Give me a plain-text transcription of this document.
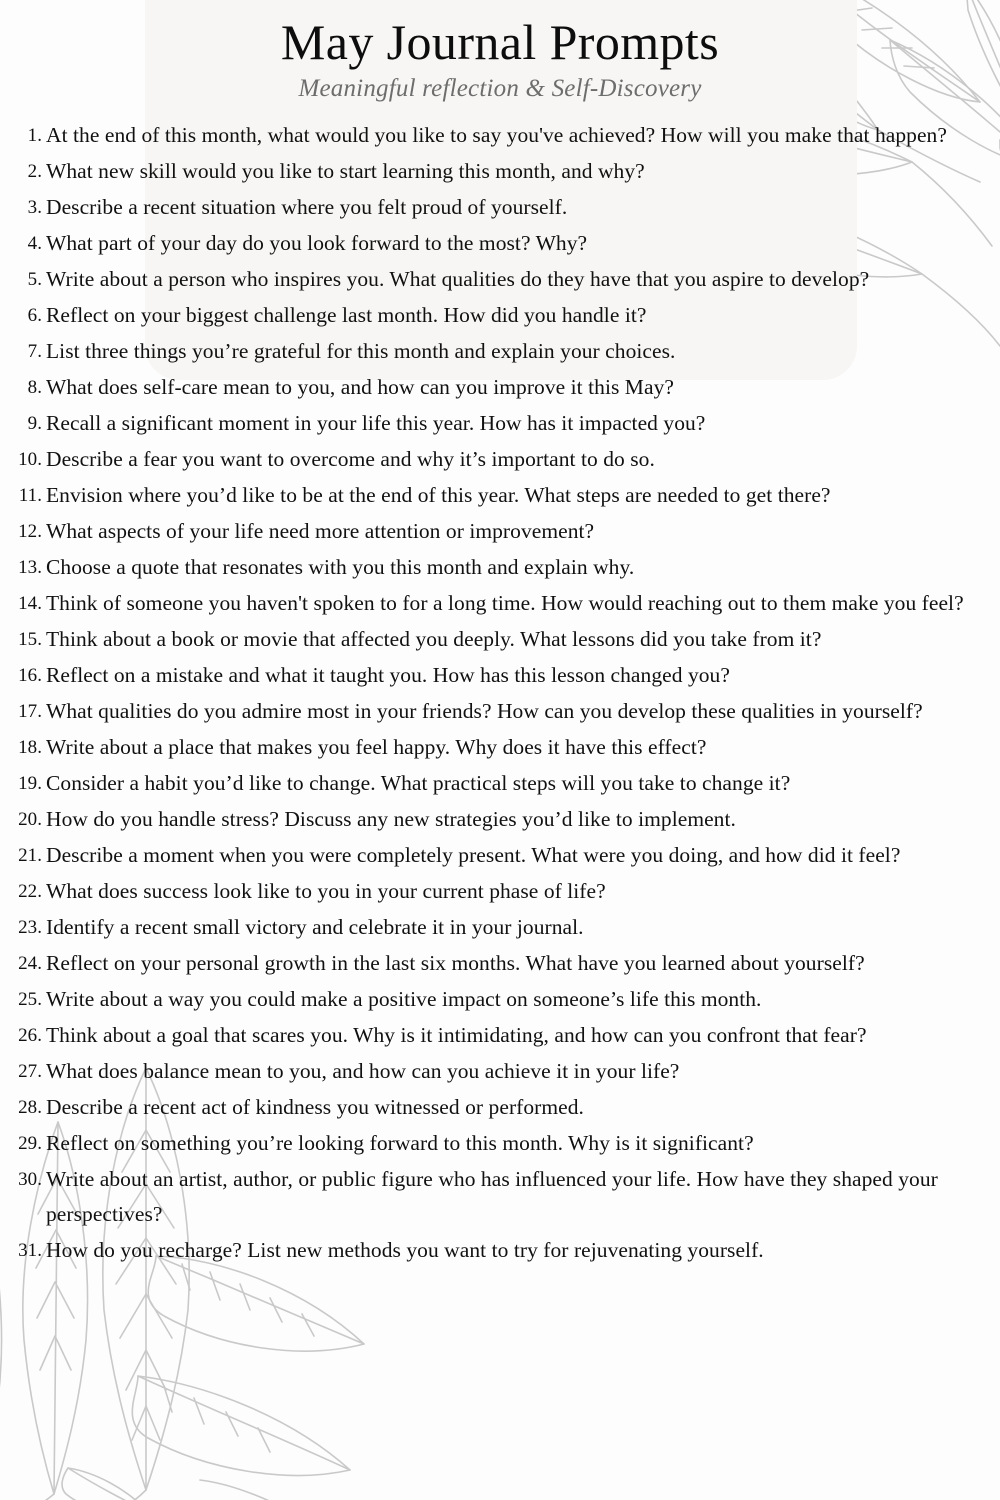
May Journal Prompts

Meaningful reflection & Self-Discovery

1. At the end of this month, what would you like to say you've achieved? How will you make that happen?
2. What new skill would you like to start learning this month, and why?
3. Describe a recent situation where you felt proud of yourself.
4. What part of your day do you look forward to the most? Why?
5. Write about a person who inspires you. What qualities do they have that you aspire to develop?
6. Reflect on your biggest challenge last month. How did you handle it?
7. List three things you’re grateful for this month and explain your choices.
8. What does self-care mean to you, and how can you improve it this May?
9. Recall a significant moment in your life this year. How has it impacted you?
10. Describe a fear you want to overcome and why it’s important to do so.
11. Envision where you’d like to be at the end of this year. What steps are needed to get there?
12. What aspects of your life need more attention or improvement?
13. Choose a quote that resonates with you this month and explain why.
14. Think of someone you haven't spoken to for a long time. How would reaching out to them make you feel?
15. Think about a book or movie that affected you deeply. What lessons did you take from it?
16. Reflect on a mistake and what it taught you. How has this lesson changed you?
17. What qualities do you admire most in your friends? How can you develop these qualities in yourself?
18. Write about a place that makes you feel happy. Why does it have this effect?
19. Consider a habit you’d like to change. What practical steps will you take to change it?
20. How do you handle stress? Discuss any new strategies you’d like to implement.
21. Describe a moment when you were completely present. What were you doing, and how did it feel?
22. What does success look like to you in your current phase of life?
23. Identify a recent small victory and celebrate it in your journal.
24. Reflect on your personal growth in the last six months. What have you learned about yourself?
25. Write about a way you could make a positive impact on someone’s life this month.
26. Think about a goal that scares you. Why is it intimidating, and how can you confront that fear?
27. What does balance mean to you, and how can you achieve it in your life?
28. Describe a recent act of kindness you witnessed or performed.
29. Reflect on something you’re looking forward to this month. Why is it significant?
30. Write about an artist, author, or public figure who has influenced your life. How have they shaped your perspectives?
31. How do you recharge? List new methods you want to try for rejuvenating yourself.
